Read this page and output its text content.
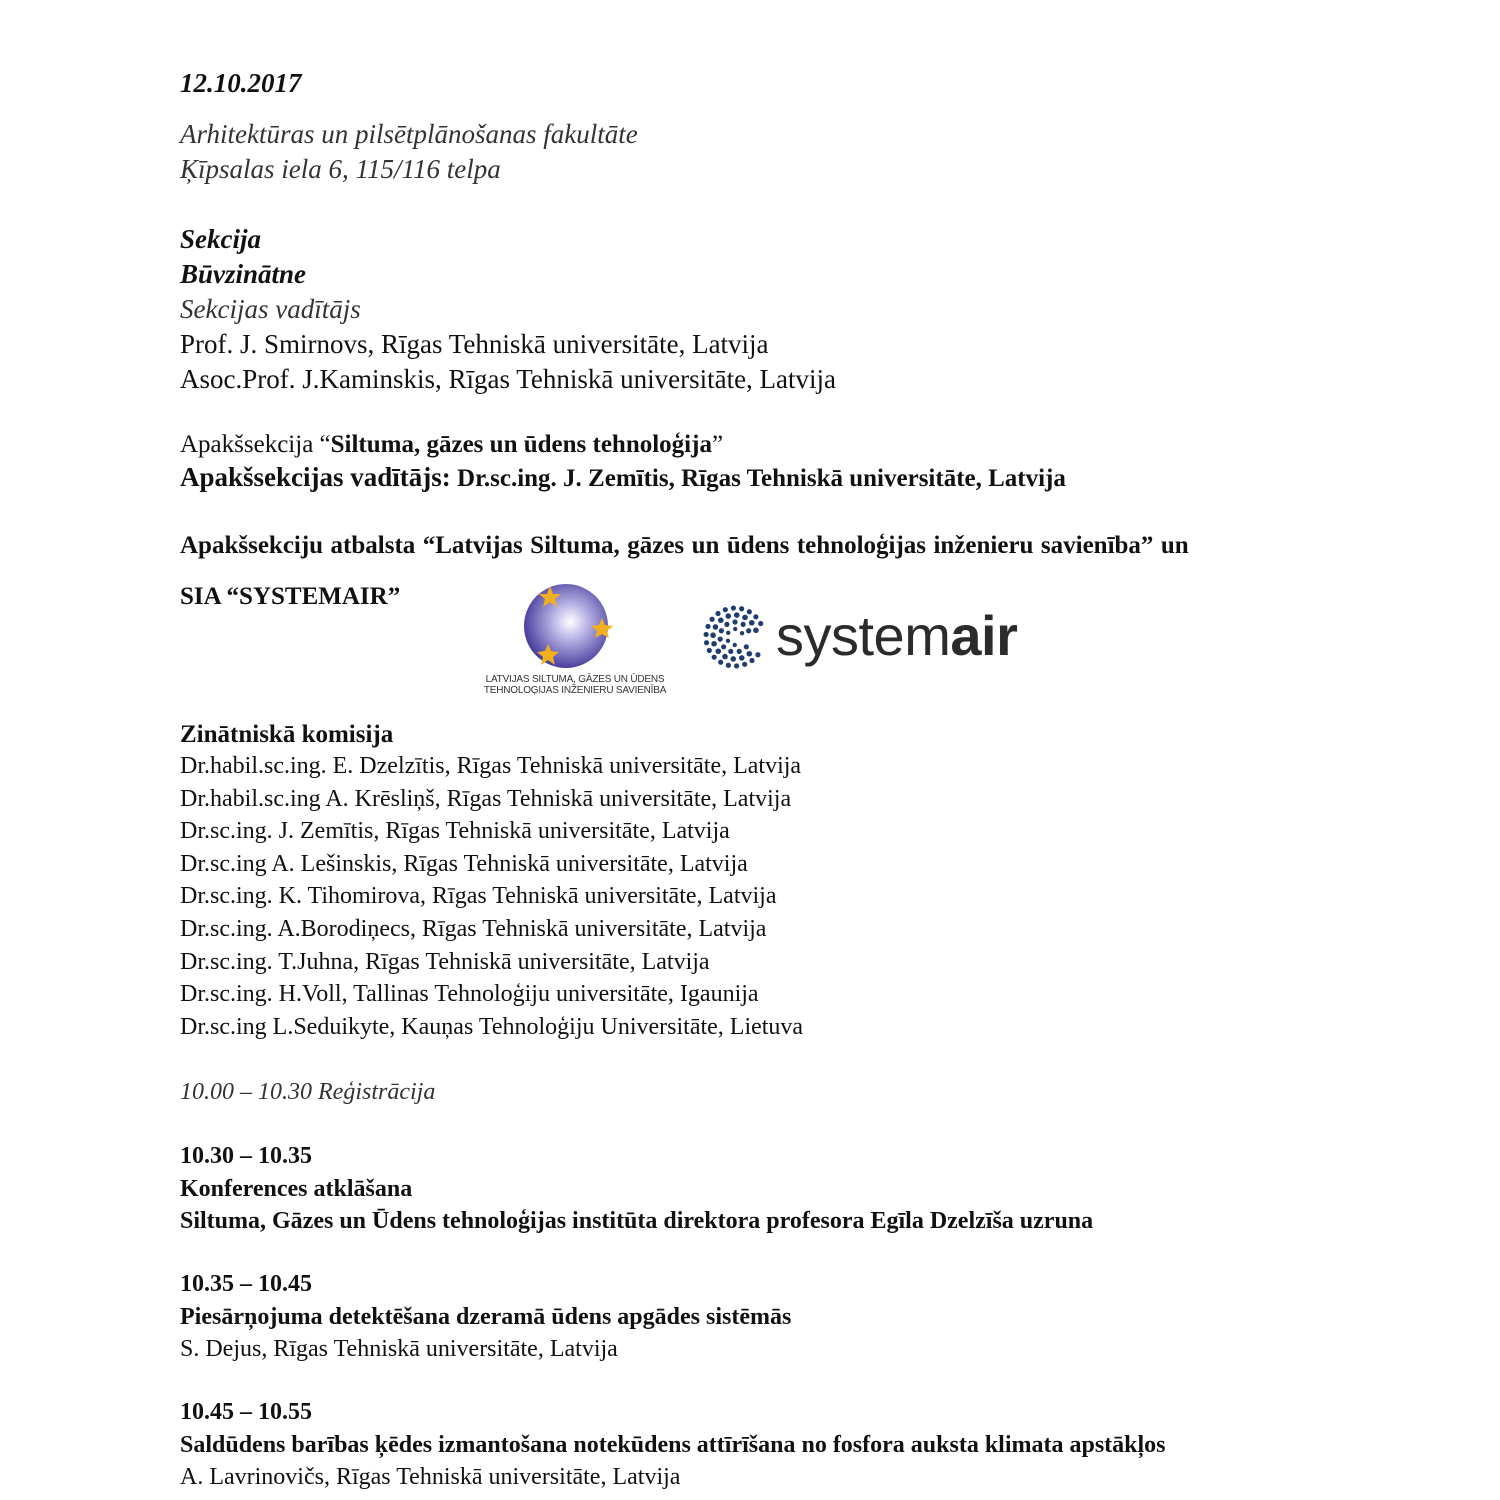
12.10.2017
Arhitektūras un pilsētplānošanas fakultāte
Ķīpsalas iela 6, 115/116 telpa
Sekcija
Būvzinātne
Sekcijas vadītājs
Prof. J. Smirnovs, Rīgas Tehniskā universitāte, Latvija
Asoc.Prof. J.Kaminskis, Rīgas Tehniskā universitāte, Latvija
Apakšsekcija “Siltuma, gāzes un ūdens tehnoloģija”
Apakšsekcijas vadītājs: Dr.sc.ing. J. Zemītis, Rīgas Tehniskā universitāte, Latvija
Apakšsekciju atbalsta “Latvijas Siltuma, gāzes un ūdens tehnoloģijas inženieru savienība” un
SIA “SYSTEMAIR”
LATVIJAS SILTUMA, GĀZES UN ŪDENS
TEHNOLOĢIJAS INŽENIERU SAVIENĪBA
systemair
Zinātniskā komisija
Dr.habil.sc.ing. E. Dzelzītis, Rīgas Tehniskā universitāte, Latvija
Dr.habil.sc.ing A. Krēsliņš, Rīgas Tehniskā universitāte, Latvija
Dr.sc.ing. J. Zemītis, Rīgas Tehniskā universitāte, Latvija
Dr.sc.ing A. Lešinskis, Rīgas Tehniskā universitāte, Latvija
Dr.sc.ing. K. Tihomirova, Rīgas Tehniskā universitāte, Latvija
Dr.sc.ing. A.Borodiņecs, Rīgas Tehniskā universitāte, Latvija
Dr.sc.ing. T.Juhna, Rīgas Tehniskā universitāte, Latvija
Dr.sc.ing. H.Voll, Tallinas Tehnoloģiju universitāte, Igaunija
Dr.sc.ing L.Seduikyte, Kauņas Tehnoloģiju Universitāte, Lietuva
10.00 – 10.30 Reģistrācija
10.30 – 10.35
Konferences atklāšana
Siltuma, Gāzes un Ūdens tehnoloģijas institūta direktora profesora Egīla Dzelzīša uzruna
10.35 – 10.45
Piesārņojuma detektēšana dzeramā ūdens apgādes sistēmās
S. Dejus, Rīgas Tehniskā universitāte, Latvija
10.45 – 10.55
Saldūdens barības ķēdes izmantošana notekūdens attīrīšana no fosfora auksta klimata apstākļos
A. Lavrinovičs, Rīgas Tehniskā universitāte, Latvija
